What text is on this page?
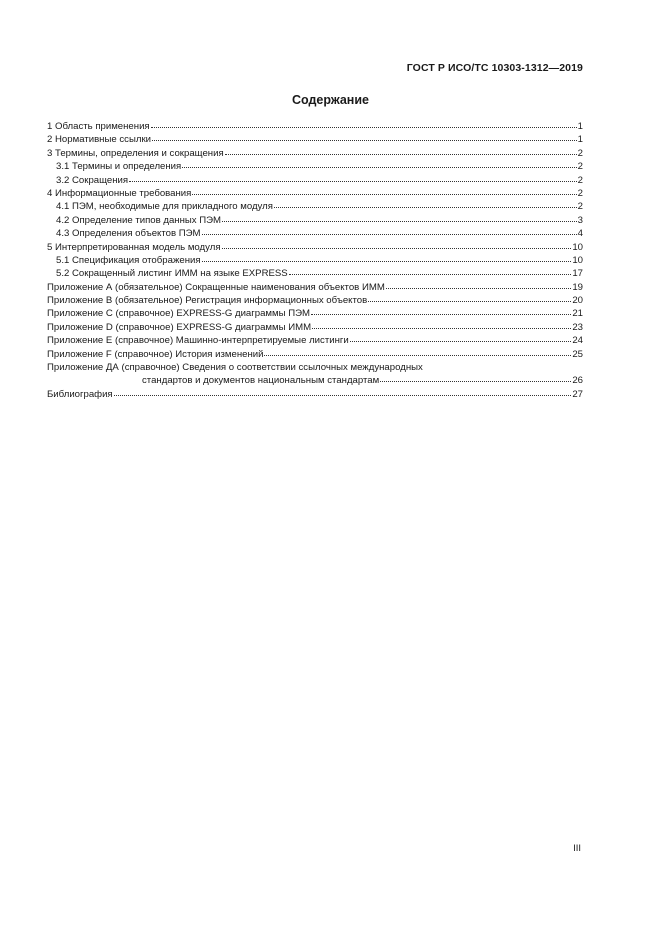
ГОСТ Р ИСО/ТС 10303-1312—2019
Содержание
1 Область применения	1
2 Нормативные ссылки	1
3 Термины, определения и сокращения	2
3.1 Термины и определения	2
3.2 Сокращения	2
4 Информационные требования	2
4.1 ПЭМ, необходимые для прикладного модуля	2
4.2 Определение типов данных ПЭМ	3
4.3 Определения объектов ПЭМ	4
5 Интерпретированная модель модуля	10
5.1 Спецификация отображения	10
5.2 Сокращенный листинг ИММ на языке EXPRESS	17
Приложение А (обязательное) Сокращенные наименования объектов ИММ	19
Приложение В (обязательное) Регистрация информационных объектов	20
Приложение С (справочное) EXPRESS-G диаграммы ПЭМ	21
Приложение D (справочное) EXPRESS-G диаграммы ИММ	23
Приложение Е (справочное) Машинно-интерпретируемые листинги	24
Приложение F (справочное) История изменений	25
Приложение ДА (справочное) Сведения о соответствии ссылочных международных
стандартов и документов национальным стандартам	26
Библиография	27
III
